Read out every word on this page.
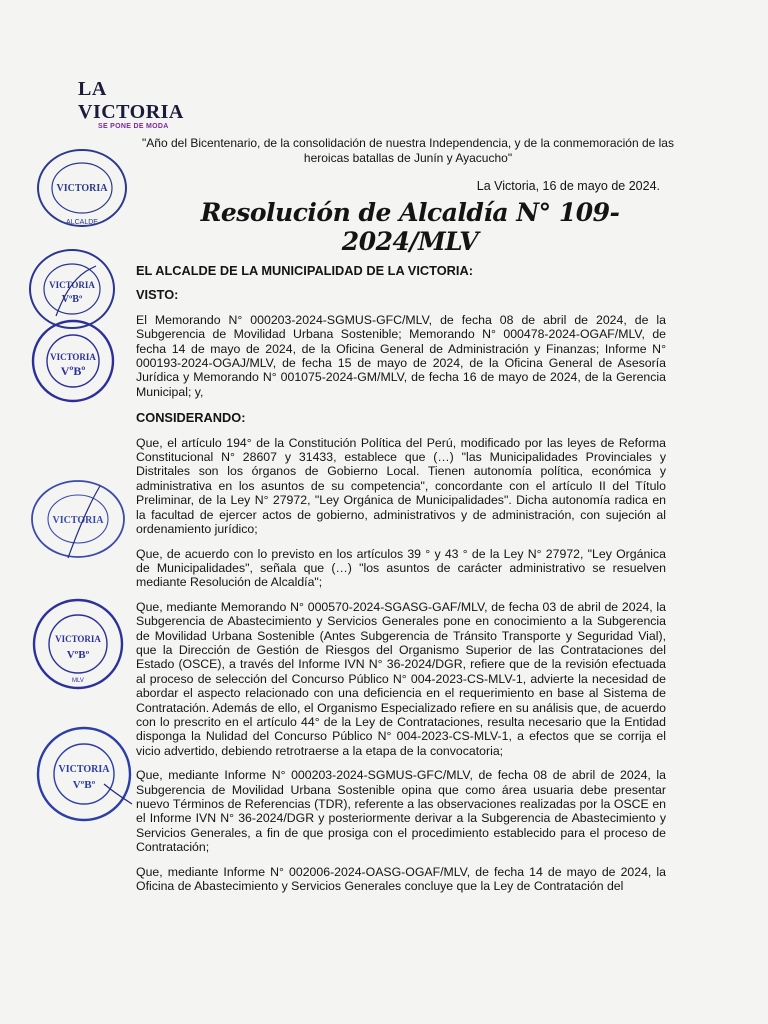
LA VICTORIA
SE PONE DE MODA
"Año del Bicentenario, de la consolidación de nuestra Independencia, y de la conmemoración de las heroicas batallas de Junín y Ayacucho"
La Victoria, 16 de mayo de 2024.
Resolución de Alcaldía N° 109-2024/MLV
VICTORIA
ALCALDE
VICTORIA
VºBº
VICTORIA
VºBº
VICTORIA
VICTORIA
VºBº
MLV
VICTORIA
VºBº
EL ALCALDE DE LA MUNICIPALIDAD DE LA VICTORIA:
VISTO:
El Memorando N° 000203-2024-SGMUS-GFC/MLV, de fecha 08 de abril de 2024, de la Subgerencia de Movilidad Urbana Sostenible; Memorando N° 000478-2024-OGAF/MLV, de fecha 14 de mayo de 2024, de la Oficina General de Administración y Finanzas; Informe N° 000193-2024-OGAJ/MLV, de fecha 15 de mayo de 2024, de la Oficina General de Asesoría Jurídica y Memorando N° 001075-2024-GM/MLV, de fecha 16 de mayo de 2024, de la Gerencia Municipal; y,
CONSIDERANDO:
Que, el artículo 194° de la Constitución Política del Perú, modificado por las leyes de Reforma Constitucional N° 28607 y 31433, establece que (…) "las Municipalidades Provinciales y Distritales son los órganos de Gobierno Local. Tienen autonomía política, económica y administrativa en los asuntos de su competencia", concordante con el artículo II del Título Preliminar, de la Ley N° 27972, "Ley Orgánica de Municipalidades". Dicha autonomía radica en la facultad de ejercer actos de gobierno, administrativos y de administración, con sujeción al ordenamiento jurídico;
Que, de acuerdo con lo previsto en los artículos 39 ° y 43 ° de la Ley N° 27972, "Ley Orgánica de Municipalidades", señala que (…) "los asuntos de carácter administrativo se resuelven mediante Resolución de Alcaldía";
Que, mediante Memorando N° 000570-2024-SGASG-GAF/MLV, de fecha 03 de abril de 2024, la Subgerencia de Abastecimiento y Servicios Generales pone en conocimiento a la Subgerencia de Movilidad Urbana Sostenible (Antes Subgerencia de Tránsito Transporte y Seguridad Vial), que la Dirección de Gestión de Riesgos del Organismo Superior de las Contrataciones del Estado (OSCE), a través del Informe IVN N° 36-2024/DGR, refiere que de la revisión efectuada al proceso de selección del Concurso Público N° 004-2023-CS-MLV-1, advierte la necesidad de abordar el aspecto relacionado con una deficiencia en el requerimiento en base al Sistema de Contratación. Además de ello, el Organismo Especializado refiere en su análisis que, de acuerdo con lo prescrito en el artículo 44° de la Ley de Contrataciones, resulta necesario que la Entidad disponga la Nulidad del Concurso Público N° 004-2023-CS-MLV-1, a efectos que se corrija el vicio advertido, debiendo retrotraerse a la etapa de la convocatoria;
Que, mediante Informe N° 000203-2024-SGMUS-GFC/MLV, de fecha 08 de abril de 2024, la Subgerencia de Movilidad Urbana Sostenible opina que como área usuaria debe presentar nuevo Términos de Referencias (TDR), referente a las observaciones realizadas por la OSCE en el Informe IVN N° 36-2024/DGR y posteriormente derivar a la Subgerencia de Abastecimiento y Servicios Generales, a fin de que prosiga con el procedimiento establecido para el proceso de Contratación;
Que, mediante Informe N° 002006-2024-OASG-OGAF/MLV, de fecha 14 de mayo de 2024, la Oficina de Abastecimiento y Servicios Generales concluye que la Ley de Contratación del
